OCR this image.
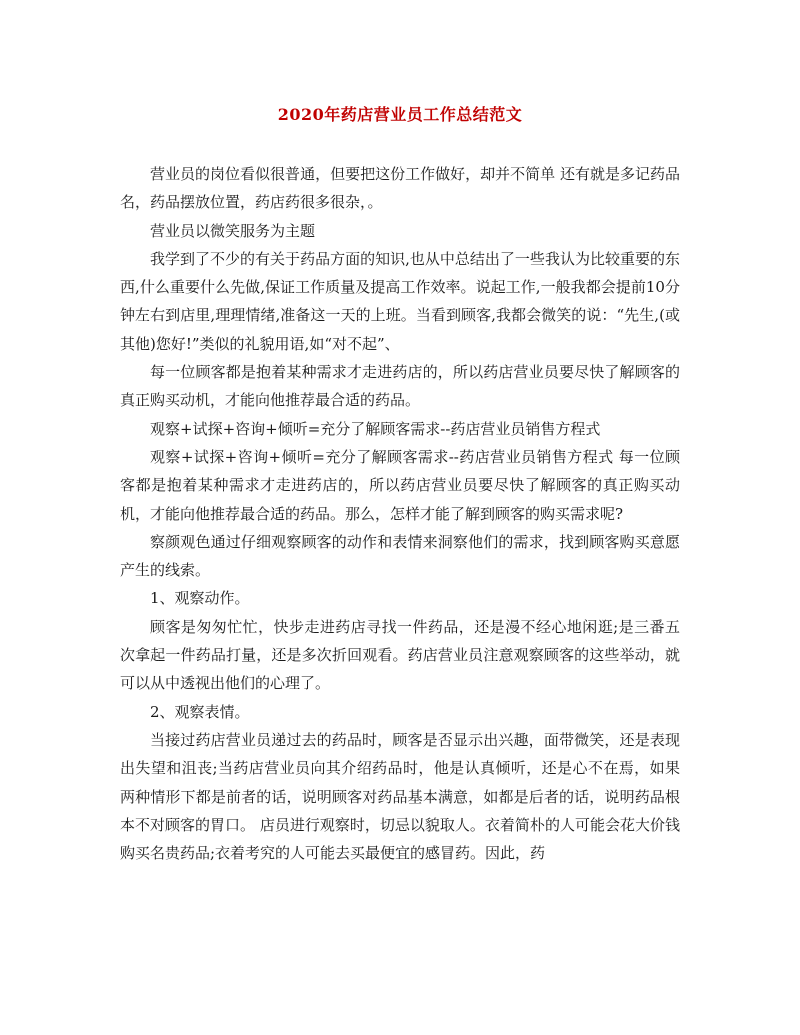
2020年药店营业员工作总结范文

营业员的岗位看似很普通，但要把这份工作做好，却并不简单 还有就是多记药品名，药品摆放位置，药店药很多很杂，。

营业员以微笑服务为主题

我学到了不少的有关于药品方面的知识,也从中总结出了一些我认为比较重要的东西,什么重要什么先做,保证工作质量及提高工作效率。说起工作,一般我都会提前10分钟左右到店里,理理情绪,准备这一天的上班。当看到顾客,我都会微笑的说：“先生,(或其他)您好!”类似的礼貌用语,如“对不起”、

每一位顾客都是抱着某种需求才走进药店的，所以药店营业员要尽快了解顾客的真正购买动机，才能向他推荐最合适的药品。

观察+试探+咨询+倾听=充分了解顾客需求--药店营业员销售方程式

观察+试探+咨询+倾听=充分了解顾客需求--药店营业员销售方程式 每一位顾客都是抱着某种需求才走进药店的，所以药店营业员要尽快了解顾客的真正购买动机，才能向他推荐最合适的药品。那么，怎样才能了解到顾客的购买需求呢?

察颜观色通过仔细观察顾客的动作和表情来洞察他们的需求，找到顾客购买意愿产生的线索。

1、观察动作。

顾客是匆匆忙忙，快步走进药店寻找一件药品，还是漫不经心地闲逛;是三番五次拿起一件药品打量，还是多次折回观看。药店营业员注意观察顾客的这些举动，就可以从中透视出他们的心理了。

2、观察表情。

当接过药店营业员递过去的药品时，顾客是否显示出兴趣，面带微笑，还是表现出失望和沮丧;当药店营业员向其介绍药品时，他是认真倾听，还是心不在焉，如果两种情形下都是前者的话，说明顾客对药品基本满意，如都是后者的话，说明药品根本不对顾客的胃口。 店员进行观察时，切忌以貌取人。衣着简朴的人可能会花大价钱购买名贵药品;衣着考究的人可能去买最便宜的感冒药。因此，药
